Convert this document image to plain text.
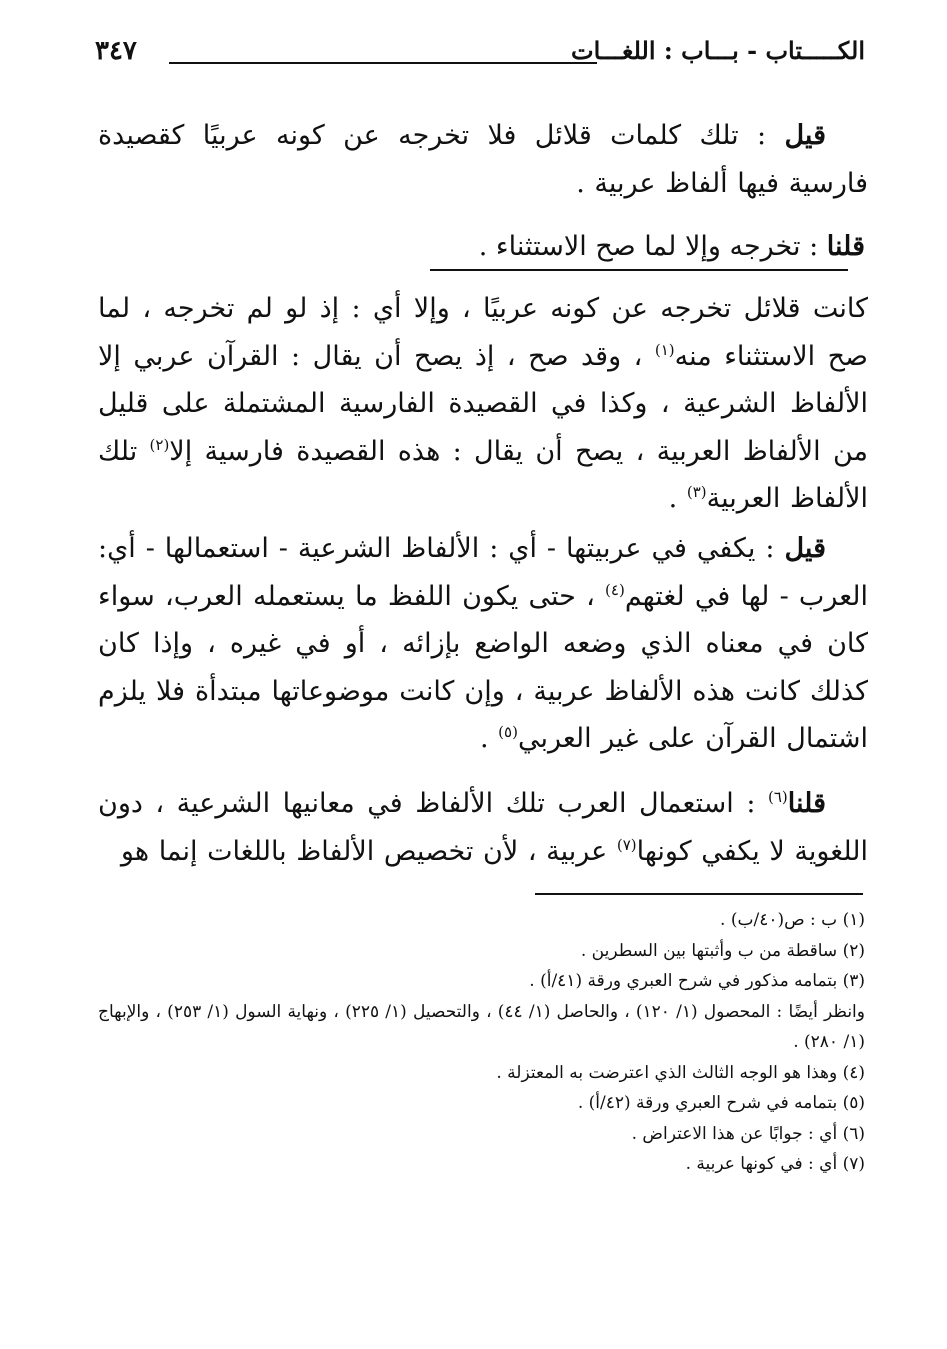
الكـــــتاب - بـــاب : اللغـــات
٣٤٧
قيل : تلك كلمات قلائل فلا تخرجه عن كونه عربيًا كقصيدة فارسية فيها ألفاظ عربية .
قلنا : تخرجه وإلا لما صح الاستثناء .
كانت قلائل تخرجه عن كونه عربيًا ، وإلا أي : إذ لو لم تخرجه ، لما صح الاستثناء منه$^{(١)}$ ، وقد صح ، إذ يصح أن يقال : القرآن عربي إلا الألفاظ الشرعية ، وكذا في القصيدة الفارسية المشتملة على قليل من الألفاظ العربية ، يصح أن يقال : هذه القصيدة فارسية إلا$^{(٢)}$ تلك الألفاظ العربية$^{(٣)}$ .
قيل : يكفي في عربيتها - أي : الألفاظ الشرعية - استعمالها - أي: العرب - لها في لغتهم$^{(٤)}$ ، حتى يكون اللفظ ما يستعمله العرب، سواء كان في معناه الذي وضعه الواضع بإزائه ، أو في غيره ، وإذا كان كذلك كانت هذه الألفاظ عربية ، وإن كانت موضوعاتها مبتدأة فلا يلزم اشتمال القرآن على غير العربي$^{(٥)}$ .
قلنا$^{(٦)}$ : استعمال العرب تلك الألفاظ في معانيها الشرعية ، دون اللغوية لا يكفي كونها$^{(٧)}$ عربية ، لأن تخصيص الألفاظ باللغات إنما هو
(١) ب : ص(٤٠/ب) .
(٢) ساقطة من ب وأثبتها بين السطرين .
(٣) بتمامه مذكور في شرح العبري ورقة (٤١/أ) .
وانظر أيضًا : المحصول (١/ ١٢٠) ، والحاصل (١/ ٤٤) ، والتحصيل (١/ ٢٢٥) ، ونهاية السول (١/ ٢٥٣) ، والإبهاج (١/ ٢٨٠) .
(٤) وهذا هو الوجه الثالث الذي اعترضت به المعتزلة .
(٥) بتمامه في شرح العبري ورقة (٤٢/أ) .
(٦) أي : جوابًا عن هذا الاعتراض .
(٧) أي : في كونها عربية .
